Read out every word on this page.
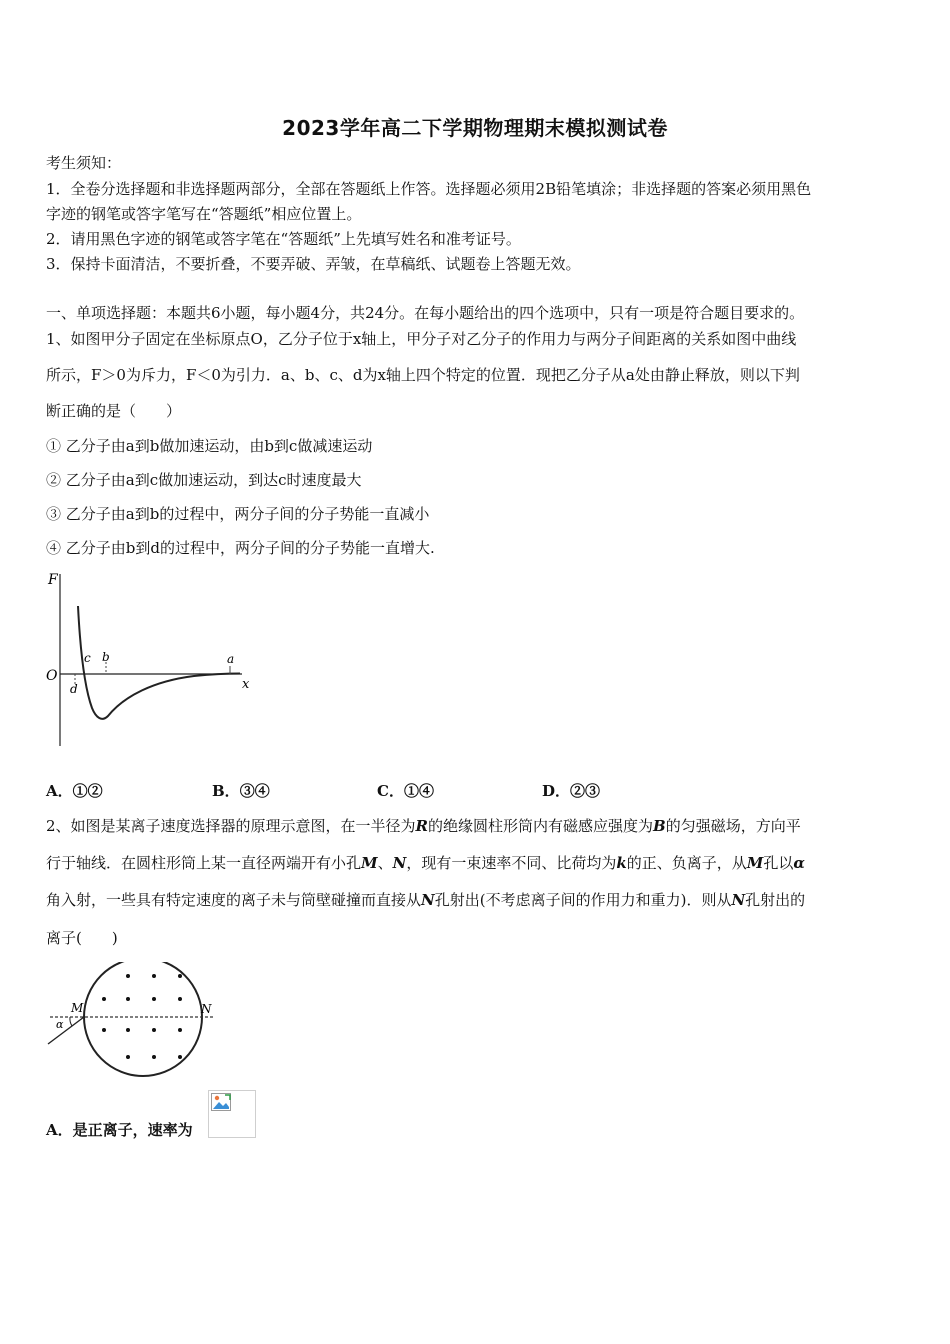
2023学年高二下学期物理期末模拟测试卷
考生须知：
1．全卷分选择题和非选择题两部分，全部在答题纸上作答。选择题必须用2B铅笔填涂；非选择题的答案必须用黑色
字迹的钢笔或答字笔写在“答题纸”相应位置上。
2．请用黑色字迹的钢笔或答字笔在“答题纸”上先填写姓名和准考证号。
3．保持卡面清洁，不要折叠，不要弄破、弄皱，在草稿纸、试题卷上答题无效。
一、单项选择题：本题共6小题，每小题4分，共24分。在每小题给出的四个选项中，只有一项是符合题目要求的。
1、如图甲分子固定在坐标原点O，乙分子位于x轴上，甲分子对乙分子的作用力与两分子间距离的关系如图中曲线
所示，F＞0为斥力，F＜0为引力．a、b、c、d为x轴上四个特定的位置．现把乙分子从a处由静止释放，则以下判
断正确的是（　　）
① 乙分子由a到b做加速运动，由b到c做减速运动
② 乙分子由a到c做加速运动，到达c时速度最大
③ 乙分子由a到b的过程中，两分子间的分子势能一直减小
④ 乙分子由b到d的过程中，两分子间的分子势能一直增大.
F
O
x
c b	a
d
A．①②	B．③④	C．①④	D．②③
2、如图是某离子速度选择器的原理示意图，在一半径为R的绝缘圆柱形筒内有磁感应强度为B的匀强磁场，方向平
行于轴线．在圆柱形筒上某一直径两端开有小孔M、N，现有一束速率不同、比荷均为k的正、负离子，从M孔以α
角入射，一些具有特定速度的离子未与筒壁碰撞而直接从N孔射出(不考虑离子间的作用力和重力)．则从N孔射出的
离子(　　)
M	N
α
A．是正离子，速率为
